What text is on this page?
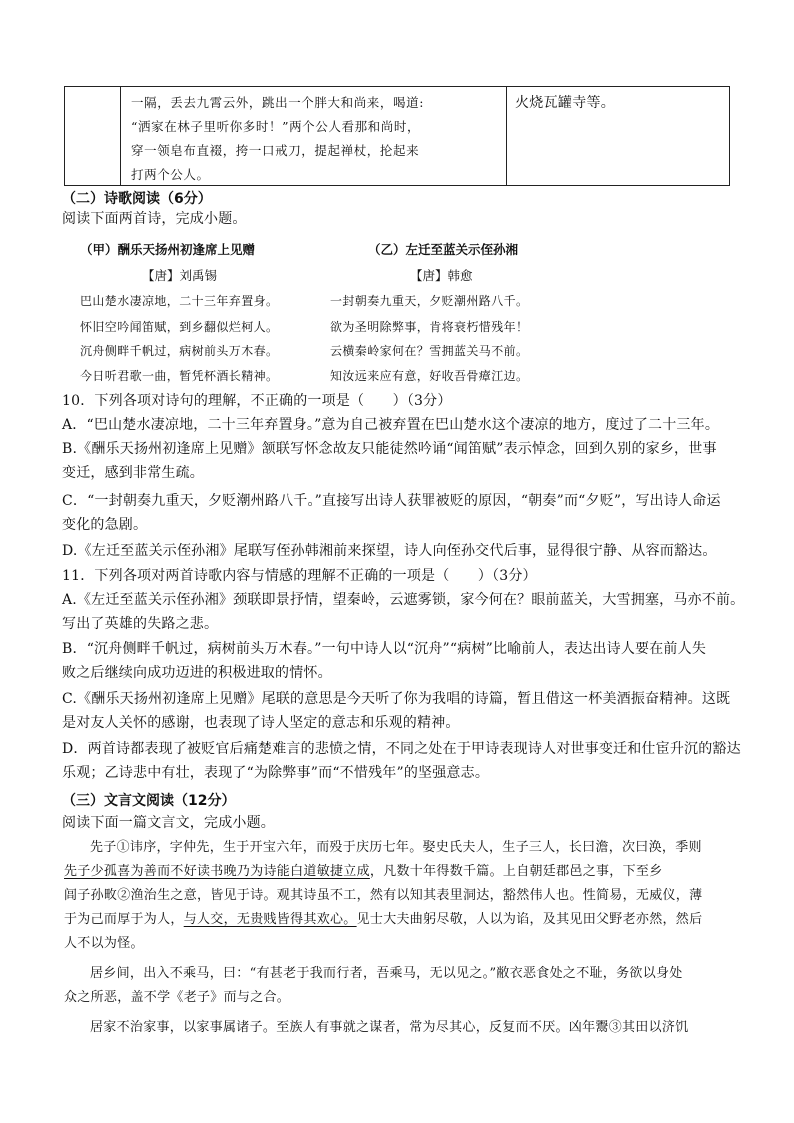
一隔，丢去九霄云外，跳出一个胖大和尚来，喝道:
“洒家在林子里听你多时！”两个公人看那和尚时，
穿一领皂布直裰，挎一口戒刀，提起禅杖，抡起来
打两个公人。
火烧瓦罐寺等。
（二）诗歌阅读（6分）
阅读下面两首诗，完成小题。
（甲）酬乐天扬州初逢席上见赠	（乙）左迁至蓝关示侄孙湘
【唐】刘禹锡	【唐】韩愈
巴山楚水凄凉地，二十三年弃置身。
怀旧空吟闻笛赋，到乡翻似烂柯人。
沉舟侧畔千帆过，病树前头万木春。
今日听君歌一曲，暂凭杯酒长精神。
一封朝奏九重天，夕贬潮州路八千。
欲为圣明除弊事，肯将衰朽惜残年！
云横秦岭家何在？雪拥蓝关马不前。
知汝远来应有意，好收吾骨瘴江边。
10．下列各项对诗句的理解，不正确的一项是（　　）（3分）
A．“巴山楚水凄凉地，二十三年弃置身。”意为自己被弃置在巴山楚水这个凄凉的地方，度过了二十三年。
B.《酬乐天扬州初逢席上见赠》颔联写怀念故友只能徒然吟诵“闻笛赋”表示悼念，回到久别的家乡，世事
变迁，感到非常生疏。
C．“一封朝奏九重天，夕贬潮州路八千。”直接写出诗人获罪被贬的原因，“朝奏”而“夕贬”，写出诗人命运
变化的急剧。
D.《左迁至蓝关示侄孙湘》尾联写侄孙韩湘前来探望，诗人向侄孙交代后事，显得很宁静、从容而豁达。
11．下列各项对两首诗歌内容与情感的理解不正确的一项是（　　）（3分）
A.《左迁至蓝关示侄孙湘》颈联即景抒情，望秦岭，云遮雾锁，家今何在？眼前蓝关，大雪拥塞，马亦不前。
写出了英雄的失路之悲。
B．“沉舟侧畔千帆过，病树前头万木春。”一句中诗人以“沉舟”“病树”比喻前人，表达出诗人要在前人失
败之后继续向成功迈进的积极进取的情怀。
C.《酬乐天扬州初逢席上见赠》尾联的意思是今天听了你为我唱的诗篇，暂且借这一杯美酒振奋精神。这既
是对友人关怀的感谢，也表现了诗人坚定的意志和乐观的精神。
D．两首诗都表现了被贬官后痛楚难言的悲愤之情，不同之处在于甲诗表现诗人对世事变迁和仕宦升沉的豁达
乐观；乙诗悲中有壮，表现了“为除弊事”而“不惜残年”的坚强意志。
（三）文言文阅读（12分）
阅读下面一篇文言文，完成小题。
先子①讳序，字仲先，生于开宝六年，而殁于庆历七年。娶史氏夫人，生子三人，长曰澹，次曰涣，季则
先子少孤喜为善而不好读书晚乃为诗能白道敏捷立成，凡数十年得数千篇。上自朝廷郡邑之事，下至乡
闾子孙畋②渔治生之意，皆见于诗。观其诗虽不工，然有以知其表里洞达，豁然伟人也。性简易，无威仪，薄
于为己而厚于为人，与人交，无贵贱皆得其欢心。见士大夫曲躬尽敬，人以为谄，及其见田父野老亦然，然后
人不以为怪。
居乡间，出入不乘马，曰：“有甚老于我而行者，吾乘马，无以见之。”敝衣恶食处之不耻，务欲以身处
众之所恶，盖不学《老子》而与之合。
居家不治家事，以家事属诸子。至族人有事就之谋者，常为尽其心，反复而不厌。凶年鬻③其田以济饥
